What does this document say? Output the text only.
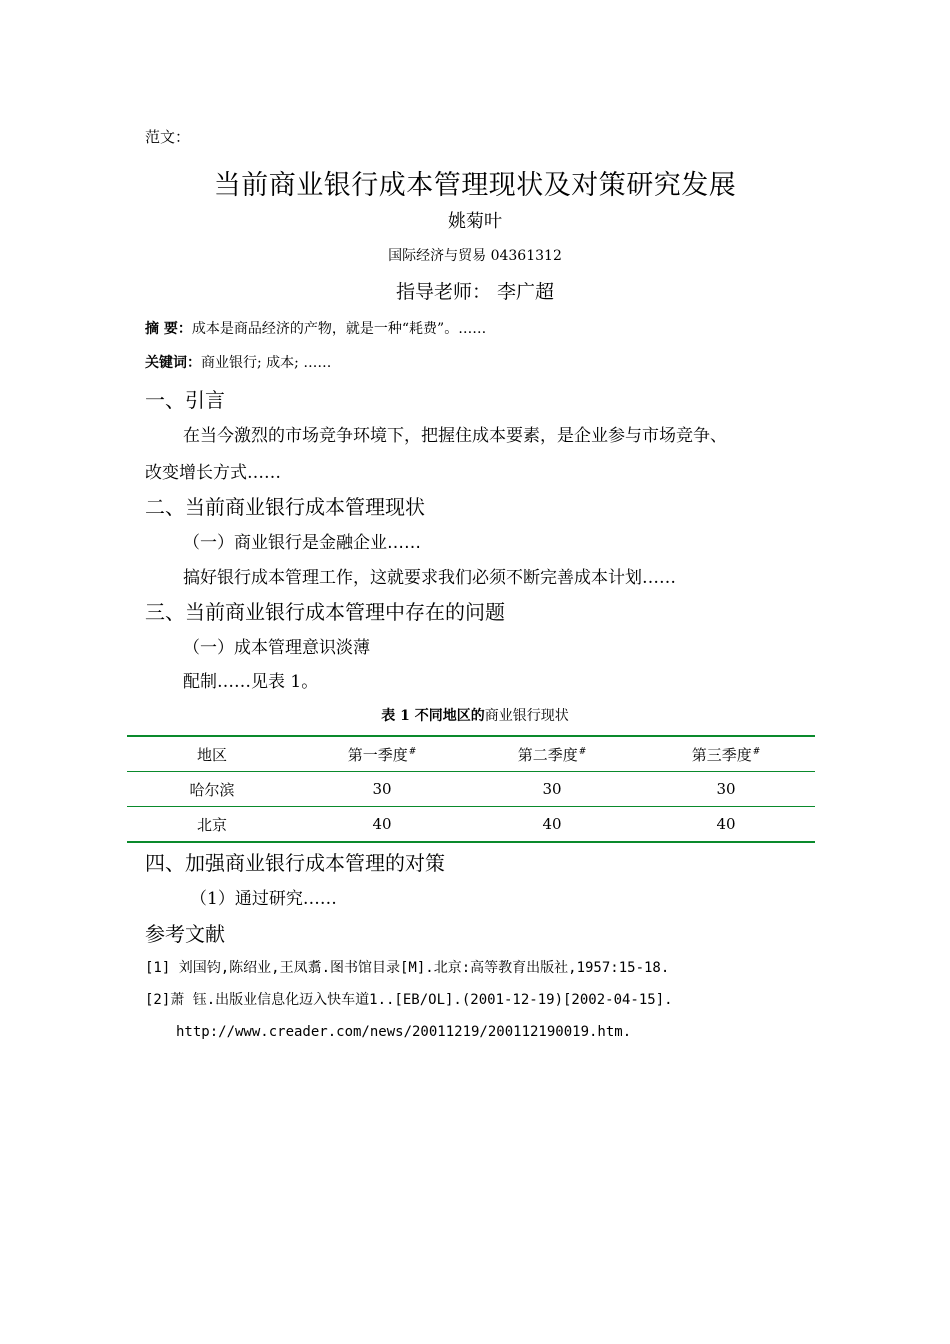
范文：
当前商业银行成本管理现状及对策研究发展
姚菊叶
国际经济与贸易 04361312
指导老师： 李广超
摘 要：成本是商品经济的产物，就是一种“耗费”。……
关键词：商业银行; 成本; ……
一、引言
在当今激烈的市场竞争环境下，把握住成本要素，是企业参与市场竞争、
改变增长方式……
二、当前商业银行成本管理现状
（一）商业银行是金融企业……
搞好银行成本管理工作，这就要求我们必须不断完善成本计划……
三、当前商业银行成本管理中存在的问题
（一）成本管理意识淡薄
配制……见表 1。
表 1 不同地区的商业银行现状
地区	第一季度#	第二季度#	第三季度#
哈尔滨	30	30	30
北京	40	40	40
四、加强商业银行成本管理的对策
（1）通过研究……
参考文献
[1] 刘国钧,陈绍业,王凤翥.图书馆目录[M].北京:高等教育出版社,1957:15-18.
[2]萧 钰.出版业信息化迈入快车道1..[EB/OL].(2001-12-19)[2002-04-15].
http://www.creader.com/news/20011219/200112190019.htm.
